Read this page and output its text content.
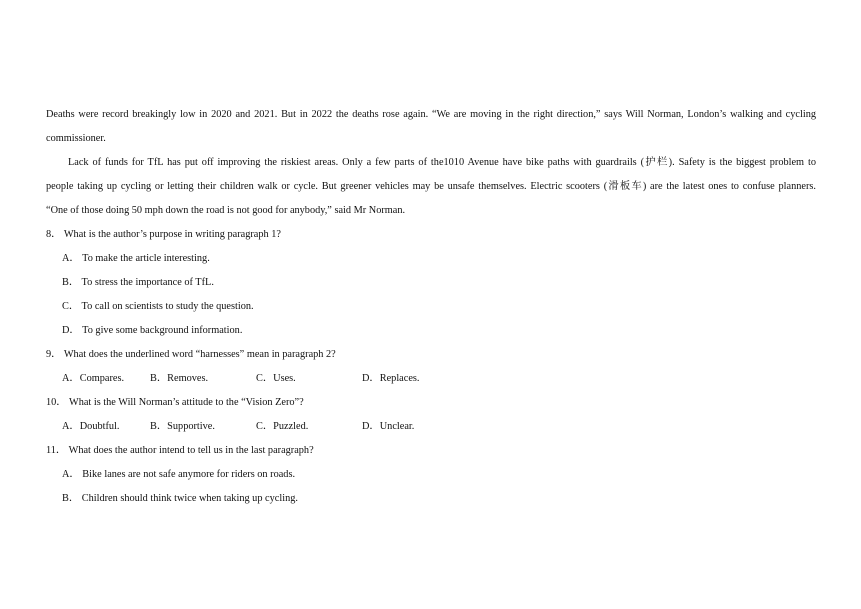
Deaths were record breakingly low in 2020 and 2021. But in 2022 the deaths rose again. “We are moving in the right direction,” says Will Norman, London’s walking and cycling
commissioner.
Lack of funds for TfL has put off improving the riskiest areas. Only a few parts of the1010 Avenue have bike paths with guardrails (护栏). Safety is the biggest problem to
people taking up cycling or letting their children walk or cycle. But greener vehicles may be unsafe themselves. Electric scooters (滑板车) are the latest ones to confuse planners.
“One of those doing 50 mph down the road is not good for anybody,” said Mr Norman.
8． What is the author’s purpose in writing paragraph 1?
A． To make the article interesting.
B． To stress the importance of TfL.
C． To call on scientists to study the question.
D． To give some background information.
9． What does the underlined word “harnesses” mean in paragraph 2?
A．Compares.	B．Removes.	C．Uses.	D．Replaces.
10． What is the Will Norman’s attitude to the “Vision Zero”?
A．Doubtful.	B．Supportive.	C．Puzzled.	D．Unclear.
11． What does the author intend to tell us in the last paragraph?
A． Bike lanes are not safe anymore for riders on roads.
B． Children should think twice when taking up cycling.
